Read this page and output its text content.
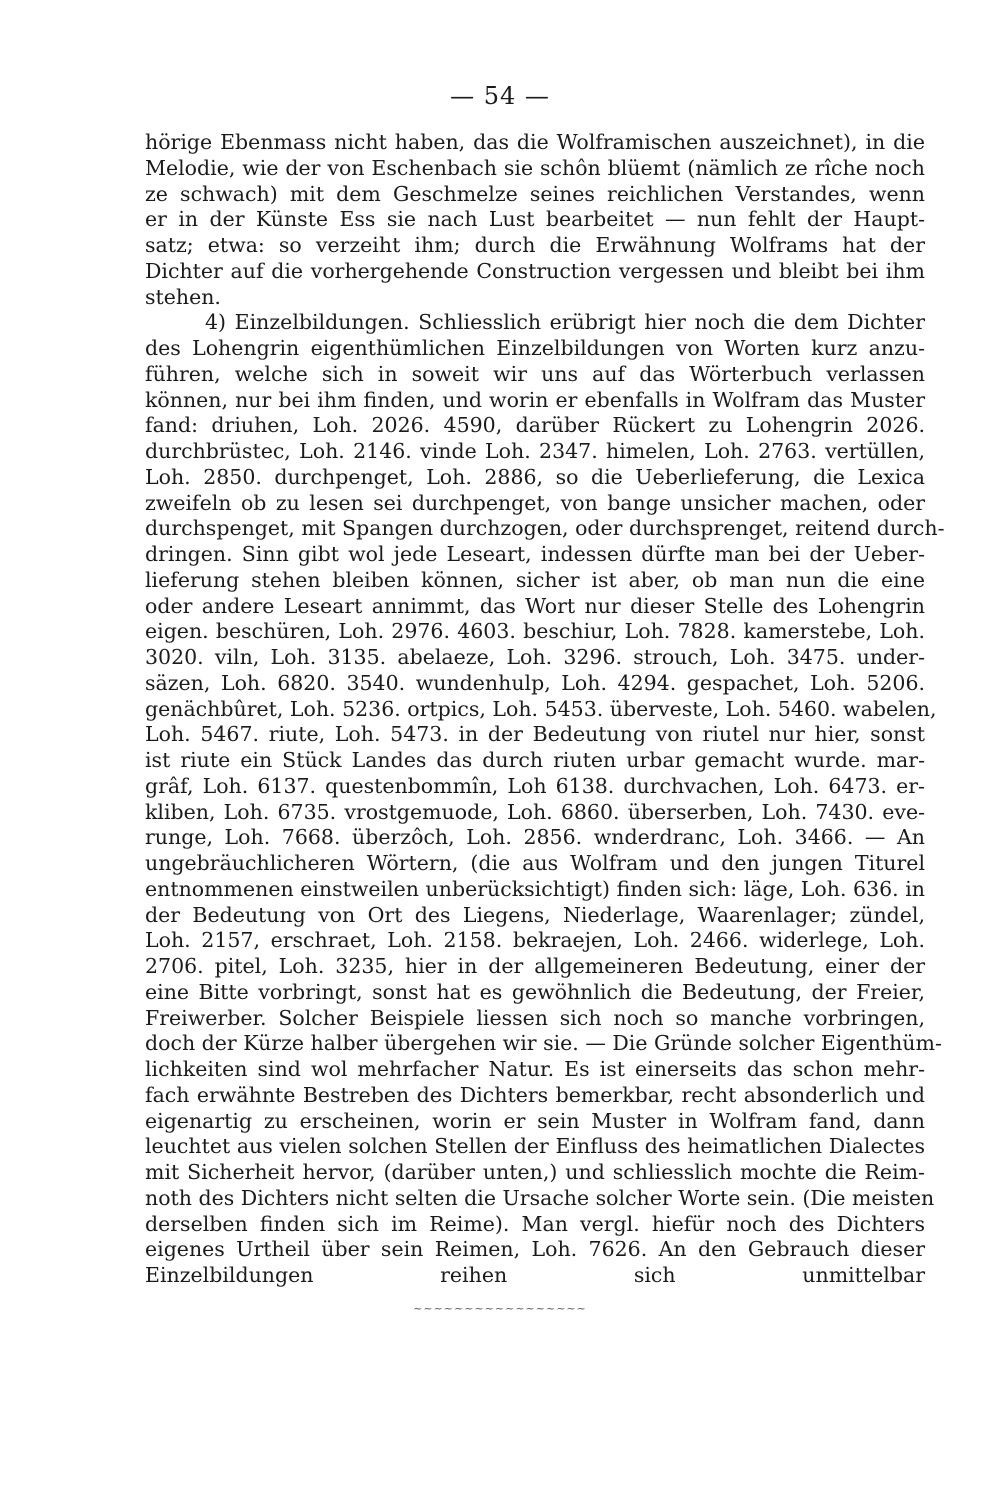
— 54 —
hörige Ebenmass nicht haben, das die Wolframischen auszeichnet), in die
Melodie, wie der von Eschenbach sie schôn blüemt (nämlich ze rîche noch
ze schwach) mit dem Geschmelze seines reichlichen Verstandes, wenn
er in der Künste Ess sie nach Lust bearbeitet — nun fehlt der Haupt-
satz; etwa: so verzeiht ihm; durch die Erwähnung Wolframs hat der
Dichter auf die vorhergehende Construction vergessen und bleibt bei ihm
stehen.
4) Einzelbildungen. Schliesslich erübrigt hier noch die dem Dichter
des Lohengrin eigenthümlichen Einzelbildungen von Worten kurz anzu-
führen, welche sich in soweit wir uns auf das Wörterbuch verlassen
können, nur bei ihm finden, und worin er ebenfalls in Wolfram das Muster
fand: driuhen, Loh. 2026. 4590, darüber Rückert zu Lohengrin 2026.
durchbrüstec, Loh. 2146. vinde Loh. 2347. himelen, Loh. 2763. vertüllen,
Loh. 2850. durchpenget, Loh. 2886, so die Ueberlieferung, die Lexica
zweifeln ob zu lesen sei durchpenget, von bange unsicher machen, oder
durchspenget, mit Spangen durchzogen, oder durchsprenget, reitend durch-
dringen. Sinn gibt wol jede Leseart, indessen dürfte man bei der Ueber-
lieferung stehen bleiben können, sicher ist aber, ob man nun die eine
oder andere Leseart annimmt, das Wort nur dieser Stelle des Lohengrin
eigen. beschüren, Loh. 2976. 4603. beschiur, Loh. 7828. kamerstebe, Loh.
3020. viln, Loh. 3135. abelaeze, Loh. 3296. strouch, Loh. 3475. under-
säzen, Loh. 6820. 3540. wundenhulp, Loh. 4294. gespachet, Loh. 5206.
genächbûret, Loh. 5236. ortpics, Loh. 5453. überveste, Loh. 5460. wabelen,
Loh. 5467. riute, Loh. 5473. in der Bedeutung von riutel nur hier, sonst
ist riute ein Stück Landes das durch riuten urbar gemacht wurde. mar-
grâf, Loh. 6137. questenbommîn, Loh 6138. durchvachen, Loh. 6473. er-
kliben, Loh. 6735. vrostgemuode, Loh. 6860. überserben, Loh. 7430. eve-
runge, Loh. 7668. überzôch, Loh. 2856. wnderdranc, Loh. 3466. — An
ungebräuchlicheren Wörtern, (die aus Wolfram und den jungen Titurel
entnommenen einstweilen unberücksichtigt) finden sich: läge, Loh. 636. in
der Bedeutung von Ort des Liegens, Niederlage, Waarenlager; zündel,
Loh. 2157, erschraet, Loh. 2158. bekraejen, Loh. 2466. widerlege, Loh.
2706. pitel, Loh. 3235, hier in der allgemeineren Bedeutung, einer der
eine Bitte vorbringt, sonst hat es gewöhnlich die Bedeutung, der Freier,
Freiwerber. Solcher Beispiele liessen sich noch so manche vorbringen,
doch der Kürze halber übergehen wir sie. — Die Gründe solcher Eigenthüm-
lichkeiten sind wol mehrfacher Natur. Es ist einerseits das schon mehr-
fach erwähnte Bestreben des Dichters bemerkbar, recht absonderlich und
eigenartig zu erscheinen, worin er sein Muster in Wolfram fand, dann
leuchtet aus vielen solchen Stellen der Einfluss des heimatlichen Dialectes
mit Sicherheit hervor, (darüber unten,) und schliesslich mochte die Reim-
noth des Dichters nicht selten die Ursache solcher Worte sein. (Die meisten
derselben finden sich im Reime). Man vergl. hiefür noch des Dichters
eigenes Urtheil über sein Reimen, Loh. 7626. An den Gebrauch dieser
Einzelbildungen reihen sich unmittelbar
~~~~~~~~~~~~~~~~~
